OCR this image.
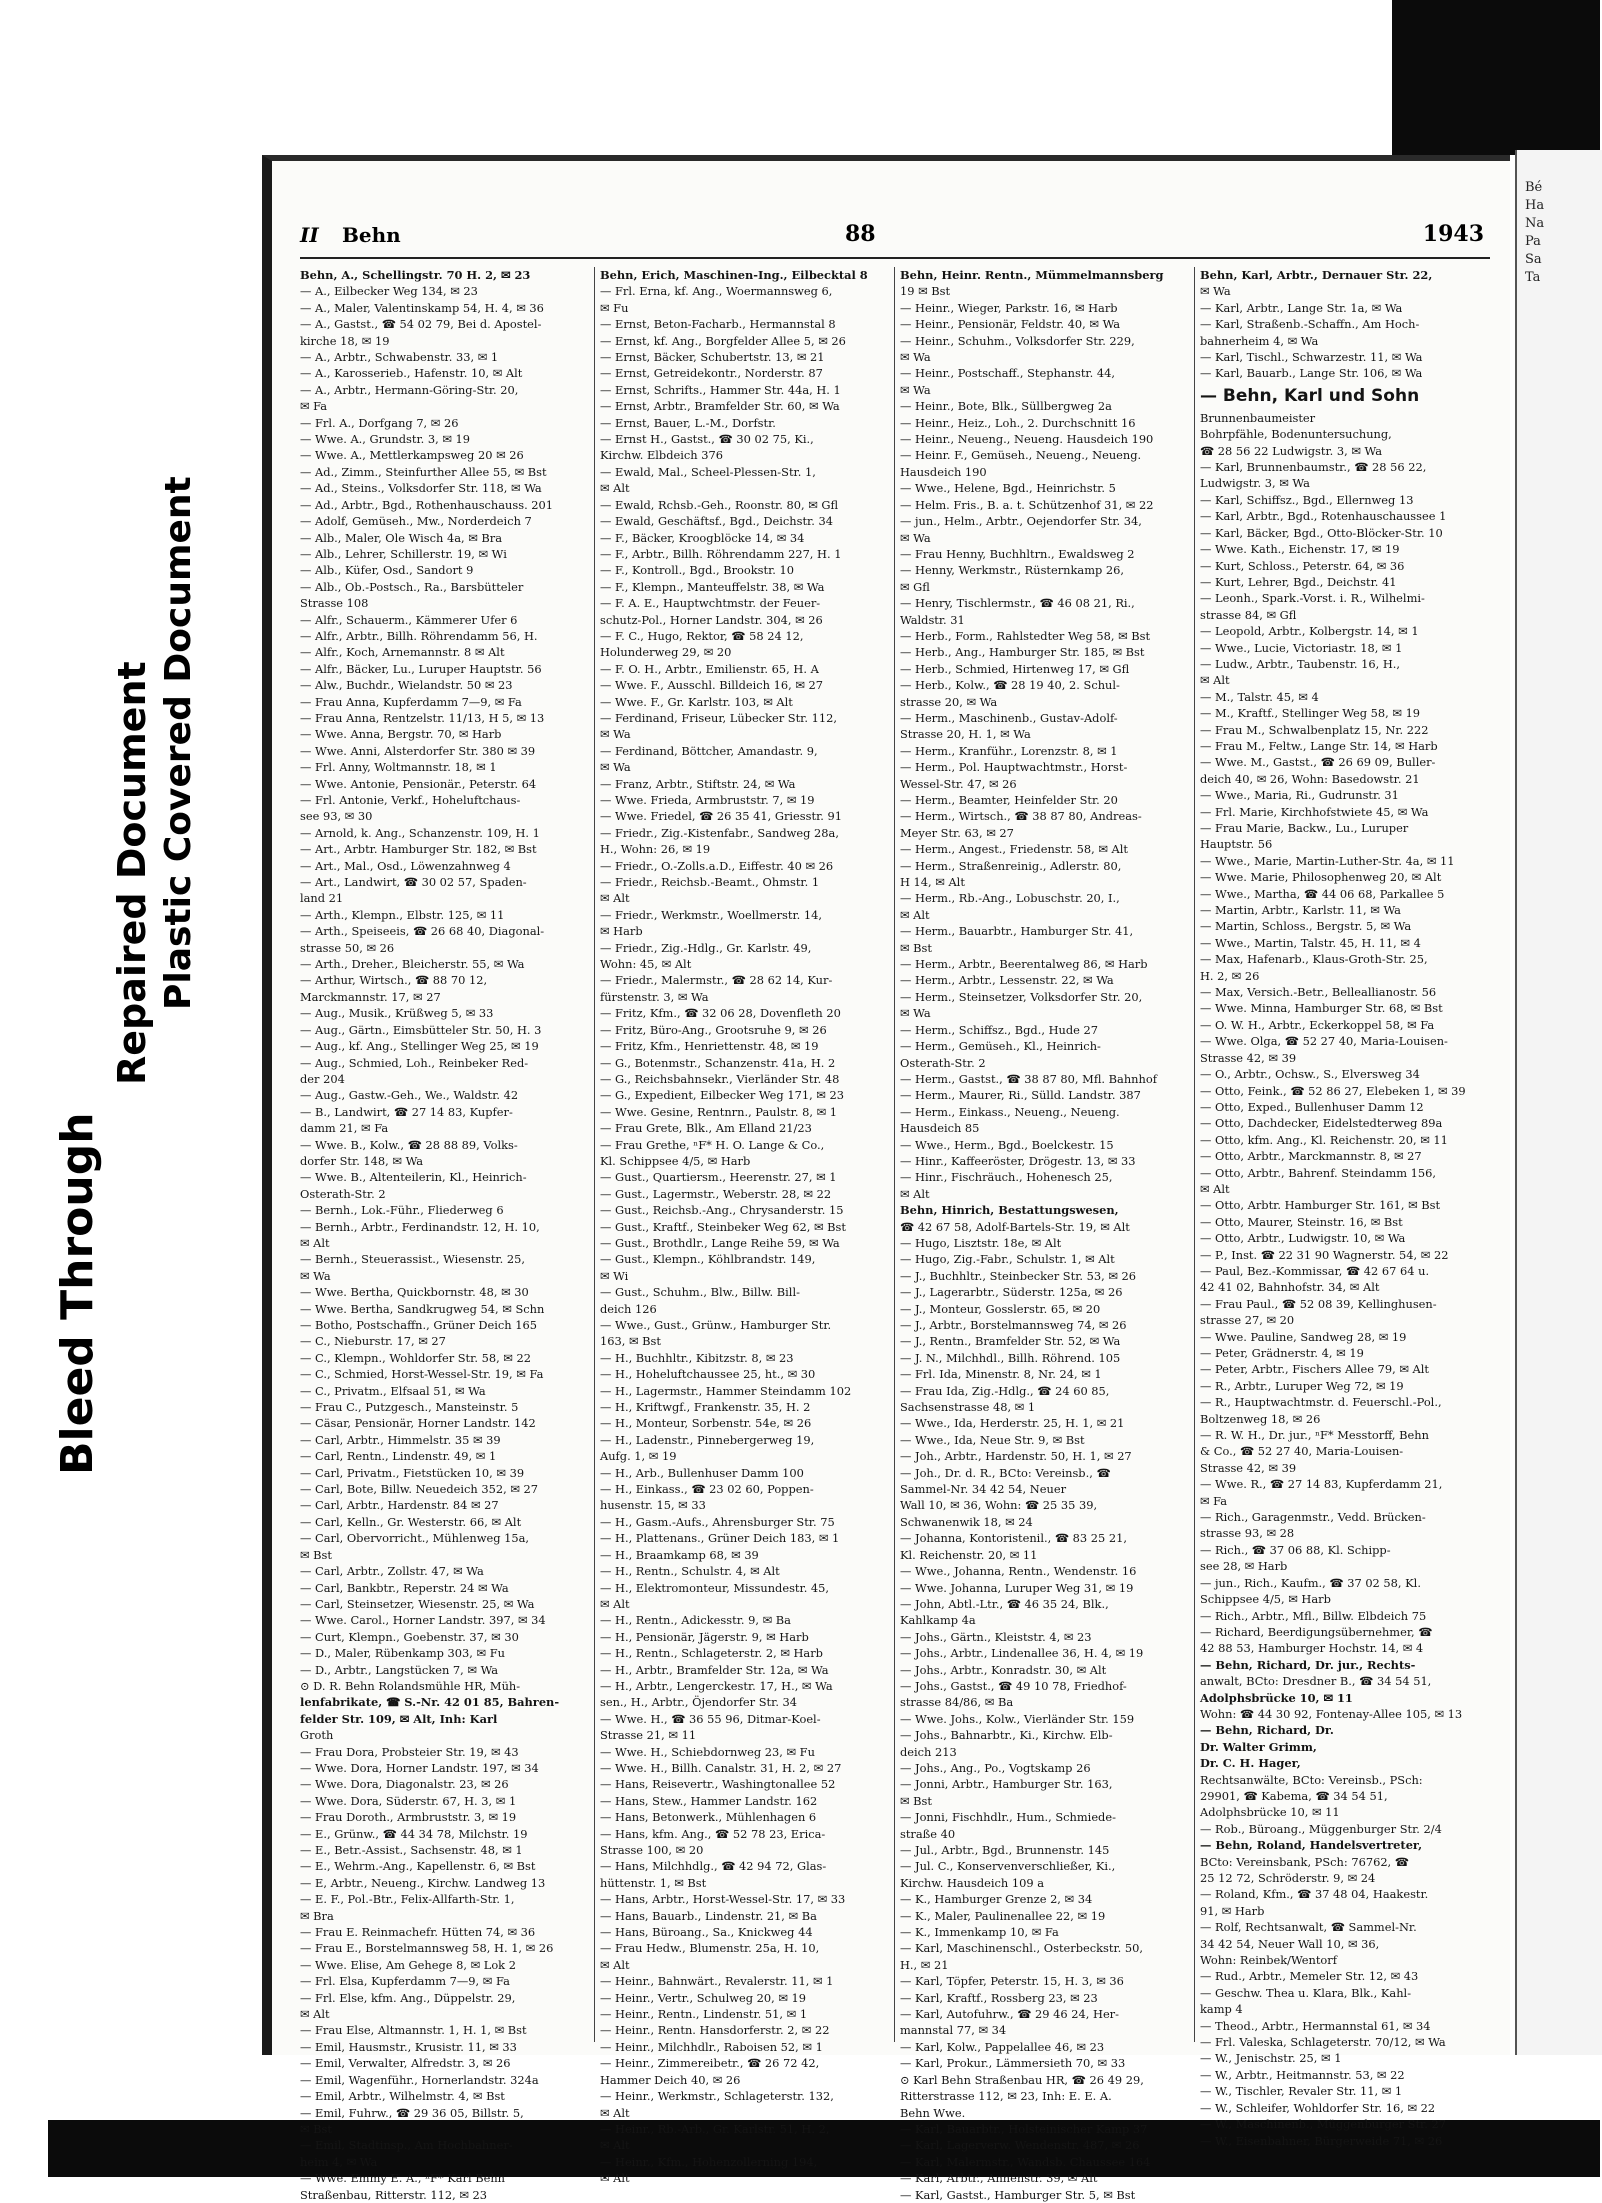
Bé
Ha
Na
Pa
Sa
Ta
Bleed Through
Repaired Document Plastic Covered Document
II Behn	88	1943
Behn, A., Schellingstr. 70 H. 2, ✉ 23
— A., Eilbecker Weg 134, ✉ 23
— A., Maler, Valentinskamp 54, H. 4, ✉ 36
— A., Gastst., ☎ 54 02 79, Bei d. Apostel-
kirche 18, ✉ 19
— A., Arbtr., Schwabenstr. 33, ✉ 1
— A., Karosserieb., Hafenstr. 10, ✉ Alt
— A., Arbtr., Hermann-Göring-Str. 20,
✉ Fa
— Frl. A., Dorfgang 7, ✉ 26
— Wwe. A., Grundstr. 3, ✉ 19
— Wwe. A., Mettlerkampsweg 20 ✉ 26
— Ad., Zimm., Steinfurther Allee 55, ✉ Bst
— Ad., Steins., Volksdorfer Str. 118, ✉ Wa
— Ad., Arbtr., Bgd., Rothenhauschauss. 201
— Adolf, Gemüseh., Mw., Norderdeich 7
— Alb., Maler, Ole Wisch 4a, ✉ Bra
— Alb., Lehrer, Schillerstr. 19, ✉ Wi
— Alb., Küfer, Osd., Sandort 9
— Alb., Ob.-Postsch., Ra., Barsbütteler
Strasse 108
— Alfr., Schauerm., Kämmerer Ufer 6
— Alfr., Arbtr., Billh. Röhrendamm 56, H.
— Alfr., Koch, Arnemannstr. 8 ✉ Alt
— Alfr., Bäcker, Lu., Luruper Hauptstr. 56
— Alw., Buchdr., Wielandstr. 50 ✉ 23
— Frau Anna, Kupferdamm 7—9, ✉ Fa
— Frau Anna, Rentzelstr. 11/13, H 5, ✉ 13
— Wwe. Anna, Bergstr. 70, ✉ Harb
— Wwe. Anni, Alsterdorfer Str. 380 ✉ 39
— Frl. Anny, Woltmannstr. 18, ✉ 1
— Wwe. Antonie, Pensionär., Peterstr. 64
— Frl. Antonie, Verkf., Hoheluftchaus-
see 93, ✉ 30
— Arnold, k. Ang., Schanzenstr. 109, H. 1
— Art., Arbtr. Hamburger Str. 182, ✉ Bst
— Art., Mal., Osd., Löwenzahnweg 4
— Art., Landwirt, ☎ 30 02 57, Spaden-
land 21
— Arth., Klempn., Elbstr. 125, ✉ 11
— Arth., Speiseeis, ☎ 26 68 40, Diagonal-
strasse 50, ✉ 26
— Arth., Dreher., Bleicherstr. 55, ✉ Wa
— Arthur, Wirtsch., ☎ 88 70 12,
Marckmannstr. 17, ✉ 27
— Aug., Musik., Krüßweg 5, ✉ 33
— Aug., Gärtn., Eimsbütteler Str. 50, H. 3
— Aug., kf. Ang., Stellinger Weg 25, ✉ 19
— Aug., Schmied, Loh., Reinbeker Red-
der 204
— Aug., Gastw.-Geh., We., Waldstr. 42
— B., Landwirt, ☎ 27 14 83, Kupfer-
damm 21, ✉ Fa
— Wwe. B., Kolw., ☎ 28 88 89, Volks-
dorfer Str. 148, ✉ Wa
— Wwe. B., Altenteilerin, Kl., Heinrich-
Osterath-Str. 2
— Bernh., Lok.-Führ., Fliederweg 6
— Bernh., Arbtr., Ferdinandstr. 12, H. 10,
✉ Alt
— Bernh., Steuerassist., Wiesenstr. 25,
✉ Wa
— Wwe. Bertha, Quickbornstr. 48, ✉ 30
— Wwe. Bertha, Sandkrugweg 54, ✉ Schn
— Botho, Postschaffn., Grüner Deich 165
— C., Nieburstr. 17, ✉ 27
— C., Klempn., Wohldorfer Str. 58, ✉ 22
— C., Schmied, Horst-Wessel-Str. 19, ✉ Fa
— C., Privatm., Elfsaal 51, ✉ Wa
— Frau C., Putzgesch., Mansteinstr. 5
— Cäsar, Pensionär, Horner Landstr. 142
— Carl, Arbtr., Himmelstr. 35 ✉ 39
— Carl, Rentn., Lindenstr. 49, ✉ 1
— Carl, Privatm., Fietstücken 10, ✉ 39
— Carl, Bote, Billw. Neuedeich 352, ✉ 27
— Carl, Arbtr., Hardenstr. 84 ✉ 27
— Carl, Kelln., Gr. Westerstr. 66, ✉ Alt
— Carl, Obervorricht., Mühlenweg 15a,
✉ Bst
— Carl, Arbtr., Zollstr. 47, ✉ Wa
— Carl, Bankbtr., Reperstr. 24 ✉ Wa
— Carl, Steinsetzer, Wiesenstr. 25, ✉ Wa
— Wwe. Carol., Horner Landstr. 397, ✉ 34
— Curt, Klempn., Goebenstr. 37, ✉ 30
— D., Maler, Rübenkamp 303, ✉ Fu
— D., Arbtr., Langstücken 7, ✉ Wa
⊙ D. R. Behn Rolandsmühle HR, Müh-
lenfabrikate, ☎ S.-Nr. 42 01 85, Bahren-
felder Str. 109, ✉ Alt, Inh: Karl
Groth
— Frau Dora, Probsteier Str. 19, ✉ 43
— Wwe. Dora, Horner Landstr. 197, ✉ 34
— Wwe. Dora, Diagonalstr. 23, ✉ 26
— Wwe. Dora, Süderstr. 67, H. 3, ✉ 1
— Frau Doroth., Armbruststr. 3, ✉ 19
— E., Grünw., ☎ 44 34 78, Milchstr. 19
— E., Betr.-Assist., Sachsenstr. 48, ✉ 1
— E., Wehrm.-Ang., Kapellenstr. 6, ✉ Bst
— E, Arbtr., Neueng., Kirchw. Landweg 13
— E. F., Pol.-Btr., Felix-Allfarth-Str. 1,
✉ Bra
— Frau E. Reinmachefr. Hütten 74, ✉ 36
— Frau E., Borstelmannsweg 58, H. 1, ✉ 26
— Wwe. Elise, Am Gehege 8, ✉ Lok 2
— Frl. Elsa, Kupferdamm 7—9, ✉ Fa
— Frl. Else, kfm. Ang., Düppelstr. 29,
✉ Alt
— Frau Else, Altmannstr. 1, H. 1, ✉ Bst
— Emil, Hausmstr., Krusistr. 11, ✉ 33
— Emil, Verwalter, Alfredstr. 3, ✉ 26
— Emil, Wagenführ., Hornerlandstr. 324a
— Emil, Arbtr., Wilhelmstr. 4, ✉ Bst
— Emil, Fuhrw., ☎ 29 36 05, Billstr. 5,
✉ Bst
— Emil, Stadtinsp., Am Hochbahner-
heim 4, ✉ Wa
— Wwe. Emmy E. A., ⁿF* Karl Behn
Straßenbau, Ritterstr. 112, ✉ 23
Behn, Erich, Maschinen-Ing., Eilbecktal 8
— Frl. Erna, kf. Ang., Woermannsweg 6,
✉ Fu
— Ernst, Beton-Facharb., Hermannstal 8
— Ernst, kf. Ang., Borgfelder Allee 5, ✉ 26
— Ernst, Bäcker, Schubertstr. 13, ✉ 21
— Ernst, Getreidekontr., Norderstr. 87
— Ernst, Schrifts., Hammer Str. 44a, H. 1
— Ernst, Arbtr., Bramfelder Str. 60, ✉ Wa
— Ernst, Bauer, L.-M., Dorfstr.
— Ernst H., Gastst., ☎ 30 02 75, Ki.,
Kirchw. Elbdeich 376
— Ewald, Mal., Scheel-Plessen-Str. 1,
✉ Alt
— Ewald, Rchsb.-Geh., Roonstr. 80, ✉ Gfl
— Ewald, Geschäftsf., Bgd., Deichstr. 34
— F., Bäcker, Kroogblöcke 14, ✉ 34
— F., Arbtr., Billh. Röhrendamm 227, H. 1
— F., Kontroll., Bgd., Brookstr. 10
— F., Klempn., Manteuffelstr. 38, ✉ Wa
— F. A. E., Hauptwchtmstr. der Feuer-
schutz-Pol., Horner Landstr. 304, ✉ 26
— F. C., Hugo, Rektor, ☎ 58 24 12,
Holunderweg 29, ✉ 20
— F. O. H., Arbtr., Emilienstr. 65, H. A
— Wwe. F., Ausschl. Billdeich 16, ✉ 27
— Wwe. F., Gr. Karlstr. 103, ✉ Alt
— Ferdinand, Friseur, Lübecker Str. 112,
✉ Wa
— Ferdinand, Böttcher, Amandastr. 9,
✉ Wa
— Franz, Arbtr., Stiftstr. 24, ✉ Wa
— Wwe. Frieda, Armbruststr. 7, ✉ 19
— Wwe. Friedel, ☎ 26 35 41, Griesstr. 91
— Friedr., Zig.-Kistenfabr., Sandweg 28a,
H., Wohn: 26, ✉ 19
— Friedr., O.-Zolls.a.D., Eiffestr. 40 ✉ 26
— Friedr., Reichsb.-Beamt., Ohmstr. 1
✉ Alt
— Friedr., Werkmstr., Woellmerstr. 14,
✉ Harb
— Friedr., Zig.-Hdlg., Gr. Karlstr. 49,
Wohn: 45, ✉ Alt
— Friedr., Malermstr., ☎ 28 62 14, Kur-
fürstenstr. 3, ✉ Wa
— Fritz, Kfm., ☎ 32 06 28, Dovenfleth 20
— Fritz, Büro-Ang., Grootsruhe 9, ✉ 26
— Fritz, Kfm., Henriettenstr. 48, ✉ 19
— G., Botenmstr., Schanzenstr. 41a, H. 2
— G., Reichsbahnsekr., Vierländer Str. 48
— G., Expedient, Eilbecker Weg 171, ✉ 23
— Wwe. Gesine, Rentnrn., Paulstr. 8, ✉ 1
— Frau Grete, Blk., Am Elland 21/23
— Frau Grethe, ⁿF* H. O. Lange & Co.,
Kl. Schippsee 4/5, ✉ Harb
— Gust., Quartiersm., Heerenstr. 27, ✉ 1
— Gust., Lagermstr., Weberstr. 28, ✉ 22
— Gust., Reichsb.-Ang., Chrysanderstr. 15
— Gust., Kraftf., Steinbeker Weg 62, ✉ Bst
— Gust., Brothdlr., Lange Reihe 59, ✉ Wa
— Gust., Klempn., Köhlbrandstr. 149,
✉ Wi
— Gust., Schuhm., Blw., Billw. Bill-
deich 126
— Wwe., Gust., Grünw., Hamburger Str.
163, ✉ Bst
— H., Buchhltr., Kibitzstr. 8, ✉ 23
— H., Hoheluftchaussee 25, ht., ✉ 30
— H., Lagermstr., Hammer Steindamm 102
— H., Kriftwgf., Frankenstr. 35, H. 2
— H., Monteur, Sorbenstr. 54e, ✉ 26
— H., Ladenstr., Pinnebergerweg 19,
Aufg. 1, ✉ 19
— H., Arb., Bullenhuser Damm 100
— H., Einkass., ☎ 23 02 60, Poppen-
husenstr. 15, ✉ 33
— H., Gasm.-Aufs., Ahrensburger Str. 75
— H., Plattenans., Grüner Deich 183, ✉ 1
— H., Braamkamp 68, ✉ 39
— H., Rentn., Schulstr. 4, ✉ Alt
— H., Elektromonteur, Missundestr. 45,
✉ Alt
— H., Rentn., Adickesstr. 9, ✉ Ba
— H., Pensionär, Jägerstr. 9, ✉ Harb
— H., Rentn., Schlageterstr. 2, ✉ Harb
— H., Arbtr., Bramfelder Str. 12a, ✉ Wa
— H., Arbtr., Lengerckestr. 17, H., ✉ Wa
sen., H., Arbtr., Öjendorfer Str. 34
— Wwe. H., ☎ 36 55 96, Ditmar-Koel-
Strasse 21, ✉ 11
— Wwe. H., Schiebdornweg 23, ✉ Fu
— Wwe. H., Billh. Canalstr. 31, H. 2, ✉ 27
— Hans, Reisevertr., Washingtonallee 52
— Hans, Stew., Hammer Landstr. 162
— Hans, Betonwerk., Mühlenhagen 6
— Hans, kfm. Ang., ☎ 52 78 23, Erica-
Strasse 100, ✉ 20
— Hans, Milchhdlg., ☎ 42 94 72, Glas-
hüttenstr. 1, ✉ Bst
— Hans, Arbtr., Horst-Wessel-Str. 17, ✉ 33
— Hans, Bauarb., Lindenstr. 21, ✉ Ba
— Hans, Büroang., Sa., Knickweg 44
— Frau Hedw., Blumenstr. 25a, H. 10,
✉ Alt
— Heinr., Bahnwärt., Revalerstr. 11, ✉ 1
— Heinr., Vertr., Schulweg 20, ✉ 19
— Heinr., Rentn., Lindenstr. 51, ✉ 1
— Heinr., Rentn. Hansdorferstr. 2, ✉ 22
— Heinr., Milchhdlr., Raboisen 52, ✉ 1
— Heinr., Zimmereibetr., ☎ 26 72 42,
Hammer Deich 40, ✉ 26
— Heinr., Werkmstr., Schlageterstr. 132,
✉ Alt
— Heinr., Rb.-Arb., Gr. Karlstr. 51, H. 2,
✉ Alt
— Heinr., Kfm., Hohenzollerning 194,
✉ Alt
Behn, Heinr. Rentn., Mümmelmannsberg
19 ✉ Bst
— Heinr., Wieger, Parkstr. 16, ✉ Harb
— Heinr., Pensionär, Feldstr. 40, ✉ Wa
— Heinr., Schuhm., Volksdorfer Str. 229,
✉ Wa
— Heinr., Postschaff., Stephanstr. 44,
✉ Wa
— Heinr., Bote, Blk., Süllbergweg 2a
— Heinr., Heiz., Loh., 2. Durchschnitt 16
— Heinr., Neueng., Neueng. Hausdeich 190
— Heinr. F., Gemüseh., Neueng., Neueng.
Hausdeich 190
— Wwe., Helene, Bgd., Heinrichstr. 5
— Helm. Fris., B. a. t. Schützenhof 31, ✉ 22
— jun., Helm., Arbtr., Oejendorfer Str. 34,
✉ Wa
— Frau Henny, Buchhltrn., Ewaldsweg 2
— Henny, Werkmstr., Rüsternkamp 26,
✉ Gfl
— Henry, Tischlermstr., ☎ 46 08 21, Ri.,
Waldstr. 31
— Herb., Form., Rahlstedter Weg 58, ✉ Bst
— Herb., Ang., Hamburger Str. 185, ✉ Bst
— Herb., Schmied, Hirtenweg 17, ✉ Gfl
— Herb., Kolw., ☎ 28 19 40, 2. Schul-
strasse 20, ✉ Wa
— Herm., Maschinenb., Gustav-Adolf-
Strasse 20, H. 1, ✉ Wa
— Herm., Kranführ., Lorenzstr. 8, ✉ 1
— Herm., Pol. Hauptwachtmstr., Horst-
Wessel-Str. 47, ✉ 26
— Herm., Beamter, Heinfelder Str. 20
— Herm., Wirtsch., ☎ 38 87 80, Andreas-
Meyer Str. 63, ✉ 27
— Herm., Angest., Friedenstr. 58, ✉ Alt
— Herm., Straßenreinig., Adlerstr. 80,
H 14, ✉ Alt
— Herm., Rb.-Ang., Lobuschstr. 20, I.,
✉ Alt
— Herm., Bauarbtr., Hamburger Str. 41,
✉ Bst
— Herm., Arbtr., Beerentalweg 86, ✉ Harb
— Herm., Arbtr., Lessenstr. 22, ✉ Wa
— Herm., Steinsetzer, Volksdorfer Str. 20,
✉ Wa
— Herm., Schiffsz., Bgd., Hude 27
— Herm., Gemüseh., Kl., Heinrich-
Osterath-Str. 2
— Herm., Gastst., ☎ 38 87 80, Mfl. Bahnhof
— Herm., Maurer, Ri., Sülld. Landstr. 387
— Herm., Einkass., Neueng., Neueng.
Hausdeich 85
— Wwe., Herm., Bgd., Boelckestr. 15
— Hinr., Kaffeeröster, Drögestr. 13, ✉ 33
— Hinr., Fischräuch., Hohenesch 25,
✉ Alt
Behn, Hinrich, Bestattungswesen,
☎ 42 67 58, Adolf-Bartels-Str. 19, ✉ Alt
— Hugo, Lisztstr. 18e, ✉ Alt
— Hugo, Zig.-Fabr., Schulstr. 1, ✉ Alt
— J., Buchhltr., Steinbecker Str. 53, ✉ 26
— J., Lagerarbtr., Süderstr. 125a, ✉ 26
— J., Monteur, Gosslerstr. 65, ✉ 20
— J., Arbtr., Borstelmannsweg 74, ✉ 26
— J., Rentn., Bramfelder Str. 52, ✉ Wa
— J. N., Milchhdl., Billh. Röhrend. 105
— Frl. Ida, Minenstr. 8, Nr. 24, ✉ 1
— Frau Ida, Zig.-Hdlg., ☎ 24 60 85,
Sachsenstrasse 48, ✉ 1
— Wwe., Ida, Herderstr. 25, H. 1, ✉ 21
— Wwe., Ida, Neue Str. 9, ✉ Bst
— Joh., Arbtr., Hardenstr. 50, H. 1, ✉ 27
— Joh., Dr. d. R., BCto: Vereinsb., ☎
Sammel-Nr. 34 42 54, Neuer
Wall 10, ✉ 36, Wohn: ☎ 25 35 39,
Schwanenwik 18, ✉ 24
— Johanna, Kontoristenil., ☎ 83 25 21,
Kl. Reichenstr. 20, ✉ 11
— Wwe., Johanna, Rentn., Wendenstr. 16
— Wwe. Johanna, Luruper Weg 31, ✉ 19
— John, Abtl.-Ltr., ☎ 46 35 24, Blk.,
Kahlkamp 4a
— Johs., Gärtn., Kleiststr. 4, ✉ 23
— Johs., Arbtr., Lindenallee 36, H. 4, ✉ 19
— Johs., Arbtr., Konradstr. 30, ✉ Alt
— Johs., Gastst., ☎ 49 10 78, Friedhof-
strasse 84/86, ✉ Ba
— Wwe. Johs., Kolw., Vierländer Str. 159
— Johs., Bahnarbtr., Ki., Kirchw. Elb-
deich 213
— Johs., Ang., Po., Vogtskamp 26
— Jonni, Arbtr., Hamburger Str. 163,
✉ Bst
— Jonni, Fischhdlr., Hum., Schmiede-
straße 40
— Jul., Arbtr., Bgd., Brunnenstr. 145
— Jul. C., Konservenverschließer, Ki.,
Kirchw. Hausdeich 109 a
— K., Hamburger Grenze 2, ✉ 34
— K., Maler, Paulinenallee 22, ✉ 19
— K., Immenkamp 10, ✉ Fa
— Karl, Maschinenschl., Osterbeckstr. 50,
H., ✉ 21
— Karl, Töpfer, Peterstr. 15, H. 3, ✉ 36
— Karl, Kraftf., Rossberg 23, ✉ 23
— Karl, Autofuhrw., ☎ 29 46 24, Her-
mannstal 77, ✉ 34
— Karl, Kolw., Pappelallee 46, ✉ 23
— Karl, Prokur., Lämmersieth 70, ✉ 33
⊙ Karl Behn Straßenbau HR, ☎ 26 49 29,
Ritterstrasse 112, ✉ 23, Inh: E. E. A.
Behn Wwe.
— Karl, Bauarbtr., Holsteinischer Kamp 37
— Karl, Lagerverw. Wendenstr. 487, ✉ 26
— Karl, Malermstr., Wandsb. Chaussee 164
— Karl, Arbtr., Annenstr. 39, ✉ Alt
— Karl, Gastst., Hamburger Str. 5, ✉ Bst
Behn, Karl, Arbtr., Dernauer Str. 22,
✉ Wa
— Karl, Arbtr., Lange Str. 1a, ✉ Wa
— Karl, Straßenb.-Schaffn., Am Hoch-
bahnerheim 4, ✉ Wa
— Karl, Tischl., Schwarzestr. 11, ✉ Wa
— Karl, Bauarb., Lange Str. 106, ✉ Wa
— Behn, Karl und Sohn
Brunnenbaumeister
Bohrpfähle, Bodenuntersuchung,
☎ 28 56 22 Ludwigstr. 3, ✉ Wa
— Karl, Brunnenbaumstr., ☎ 28 56 22,
Ludwigstr. 3, ✉ Wa
— Karl, Schiffsz., Bgd., Ellernweg 13
— Karl, Arbtr., Bgd., Rotenhauschaussee 1
— Karl, Bäcker, Bgd., Otto-Blöcker-Str. 10
— Wwe. Kath., Eichenstr. 17, ✉ 19
— Kurt, Schloss., Peterstr. 64, ✉ 36
— Kurt, Lehrer, Bgd., Deichstr. 41
— Leonh., Spark.-Vorst. i. R., Wilhelmi-
strasse 84, ✉ Gfl
— Leopold, Arbtr., Kolbergstr. 14, ✉ 1
— Wwe., Lucie, Victoriastr. 18, ✉ 1
— Ludw., Arbtr., Taubenstr. 16, H.,
✉ Alt
— M., Talstr. 45, ✉ 4
— M., Kraftf., Stellinger Weg 58, ✉ 19
— Frau M., Schwalbenplatz 15, Nr. 222
— Frau M., Feltw., Lange Str. 14, ✉ Harb
— Wwe. M., Gastst., ☎ 26 69 09, Buller-
deich 40, ✉ 26, Wohn: Basedowstr. 21
— Wwe., Maria, Ri., Gudrunstr. 31
— Frl. Marie, Kirchhofstwiete 45, ✉ Wa
— Frau Marie, Backw., Lu., Luruper
Hauptstr. 56
— Wwe., Marie, Martin-Luther-Str. 4a, ✉ 11
— Wwe. Marie, Philosophenweg 20, ✉ Alt
— Wwe., Martha, ☎ 44 06 68, Parkallee 5
— Martin, Arbtr., Karlstr. 11, ✉ Wa
— Martin, Schloss., Bergstr. 5, ✉ Wa
— Wwe., Martin, Talstr. 45, H. 11, ✉ 4
— Max, Hafenarb., Klaus-Groth-Str. 25,
H. 2, ✉ 26
— Max, Versich.-Betr., Belleallianostr. 56
— Wwe. Minna, Hamburger Str. 68, ✉ Bst
— O. W. H., Arbtr., Eckerkoppel 58, ✉ Fa
— Wwe. Olga, ☎ 52 27 40, Maria-Louisen-
Strasse 42, ✉ 39
— O., Arbtr., Ochsw., S., Elversweg 34
— Otto, Feink., ☎ 52 86 27, Elebeken 1, ✉ 39
— Otto, Exped., Bullenhuser Damm 12
— Otto, Dachdecker, Eidelstedterweg 89a
— Otto, kfm. Ang., Kl. Reichenstr. 20, ✉ 11
— Otto, Arbtr., Marckmannstr. 8, ✉ 27
— Otto, Arbtr., Bahrenf. Steindamm 156,
✉ Alt
— Otto, Arbtr. Hamburger Str. 161, ✉ Bst
— Otto, Maurer, Steinstr. 16, ✉ Bst
— Otto, Arbtr., Ludwigstr. 10, ✉ Wa
— P., Inst. ☎ 22 31 90 Wagnerstr. 54, ✉ 22
— Paul, Bez.-Kommissar, ☎ 42 67 64 u.
42 41 02, Bahnhofstr. 34, ✉ Alt
— Frau Paul., ☎ 52 08 39, Kellinghusen-
strasse 27, ✉ 20
— Wwe. Pauline, Sandweg 28, ✉ 19
— Peter, Grädnerstr. 4, ✉ 19
— Peter, Arbtr., Fischers Allee 79, ✉ Alt
— R., Arbtr., Luruper Weg 72, ✉ 19
— R., Hauptwachtmstr. d. Feuerschl.-Pol.,
Boltzenweg 18, ✉ 26
— R. W. H., Dr. jur., ⁿF* Messtorff, Behn
& Co., ☎ 52 27 40, Maria-Louisen-
Strasse 42, ✉ 39
— Wwe. R., ☎ 27 14 83, Kupferdamm 21,
✉ Fa
— Rich., Garagenmstr., Vedd. Brücken-
strasse 93, ✉ 28
— Rich., ☎ 37 06 88, Kl. Schipp-
see 28, ✉ Harb
— jun., Rich., Kaufm., ☎ 37 02 58, Kl.
Schippsee 4/5, ✉ Harb
— Rich., Arbtr., Mfl., Billw. Elbdeich 75
— Richard, Beerdigungsübernehmer, ☎
42 88 53, Hamburger Hochstr. 14, ✉ 4
— Behn, Richard, Dr. jur., Rechts-
anwalt, BCto: Dresdner B., ☎ 34 54 51,
Adolphsbrücke 10, ✉ 11
Wohn: ☎ 44 30 92, Fontenay-Allee 105, ✉ 13
— Behn, Richard, Dr.
Dr. Walter Grimm,
Dr. C. H. Hager,
Rechtsanwälte, BCto: Vereinsb., PSch:
29901, ☎ Kabema, ☎ 34 54 51,
Adolphsbrücke 10, ✉ 11
— Rob., Büroang., Müggenburger Str. 2/4
— Behn, Roland, Handelsvertreter,
BCto: Vereinsbank, PSch: 76762, ☎
25 12 72, Schröderstr. 9, ✉ 24
— Roland, Kfm., ☎ 37 48 04, Haakestr.
91, ✉ Harb
— Rolf, Rechtsanwalt, ☎ Sammel-Nr.
34 42 54, Neuer Wall 10, ✉ 36,
Wohn: Reinbek/Wentorf
— Rud., Arbtr., Memeler Str. 12, ✉ 43
— Geschw. Thea u. Klara, Blk., Kahl-
kamp 4
— Theod., Arbtr., Hermannstal 61, ✉ 34
— Frl. Valeska, Schlageterstr. 70/12, ✉ Wa
— W., Jenischstr. 25, ✉ 1
— W., Arbtr., Heitmannstr. 53, ✉ 22
— W., Tischler, Revaler Str. 11, ✉ 1
— W., Schleifer, Wohldorfer Str. 16, ✉ 22
— W., Maschinenb., Müggenburger Str. 27
— W., Eisenbahner, Bürgerweide 71, ✉ 26
